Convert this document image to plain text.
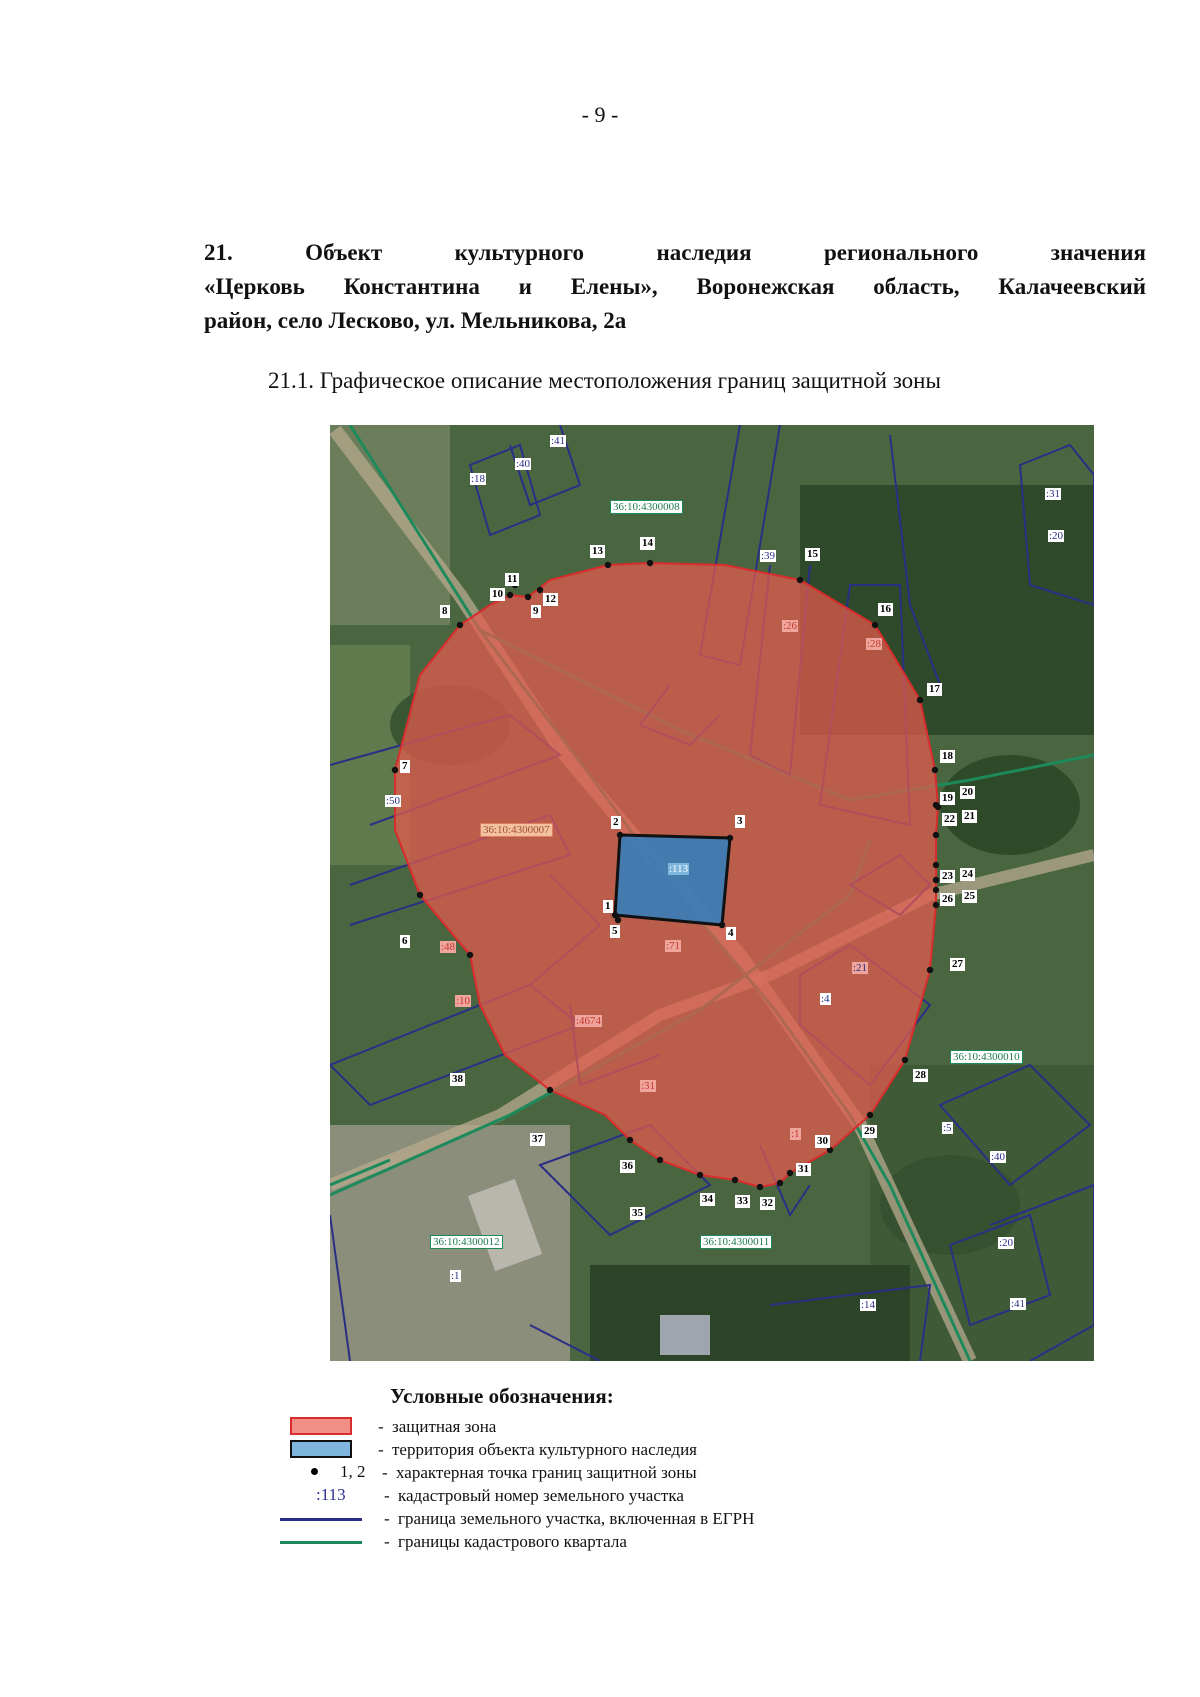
- 9 -
21. Объект культурного наследия регионального значения
«Церковь Константина и Елены», Воронежская область, Калачеевский
район, село Лесково, ул. Мельникова, 2а
21.1. Графическое описание местоположения границ защитной зоны
36:10:4300008
36:10:4300007
36:10:4300010
36:10:4300012	36:10:4300011
:41
:40
:18
:31
:20
:39
:26
:28
:50
:113
:48	:71
:21
:10
:4674
:4
:31
:1	:5
:40
:20
:1
:14	:41
1
2	3
4
5
6
7
8	9
10
11
12
13
14
15
16
17
18
19 20
21
22
23 24
25
26
27
28
29
30
31
32
33
34
35
36
37
38
Условные обозначения:
- защитная зона
- территория объекта культурного наследия
1, 2 - характерная точка границ защитной зоны
:113 - кадастровый номер земельного участка
- граница земельного участка, включенная в ЕГРН
- границы кадастрового квартала
